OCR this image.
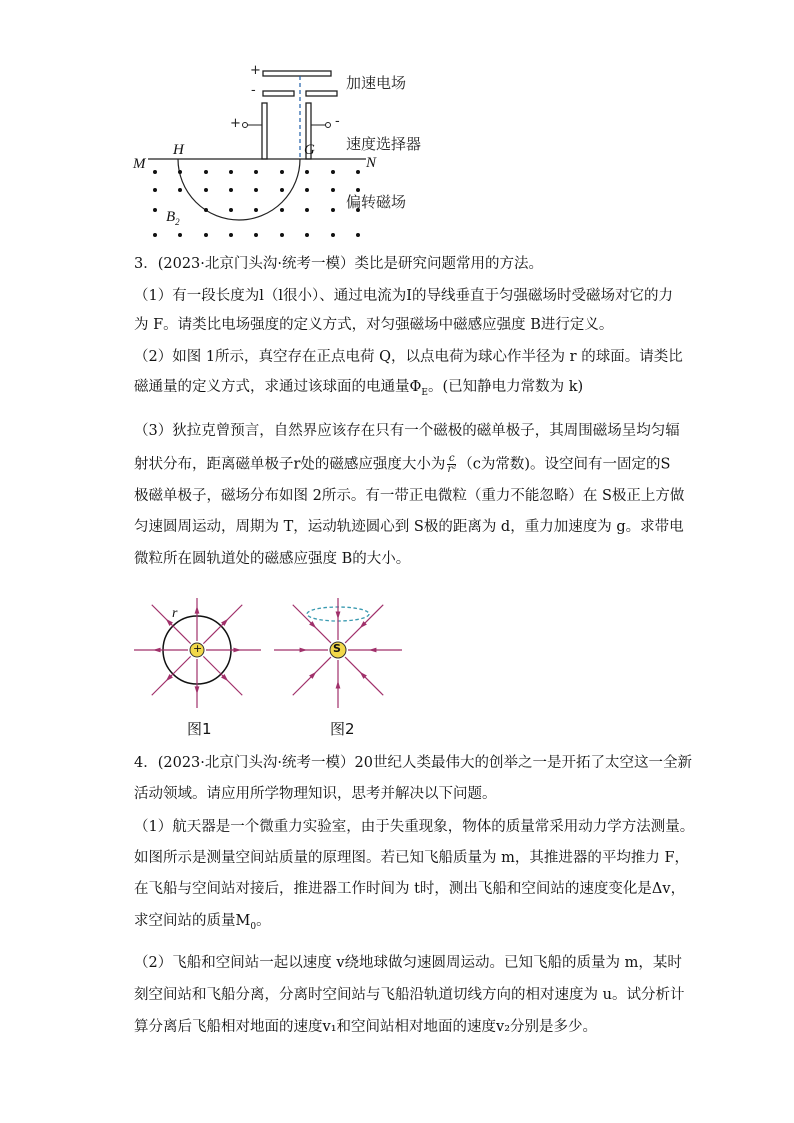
+
-
+	-
加速电场
速度选择器
偏转磁场
M
H	G
N
$B_2$
3．(2023·北京门头沟·统考一模）类比是研究问题常用的方法。
（1）有一段长度为l（l很小）、通过电流为I的导线垂直于匀强磁场时受磁场对它的力
为 F。请类比电场强度的定义方式，对匀强磁场中磁感应强度 B进行定义。
（2）如图 1所示，真空存在正点电荷 Q，以点电荷为球心作半径为 r 的球面。请类比
磁通量的定义方式，求通过该球面的电通量$\Phi_E$。(已知静电力常数为 k)
（3）狄拉克曾预言，自然界应该存在只有一个磁极的磁单极子，其周围磁场呈均匀辐
射状分布，距离磁单极子r处的磁感应强度大小为 $\frac{c}{\text{r²}} (c$为常数)。设空间有一固定的S
极磁单极子，磁场分布如图 2所示。有一带正电微粒（重力不能忽略）在 S极正上方做
匀速圆周运动，周期为 T，运动轨迹圆心到 S极的距离为 d，重力加速度为 g。求带电
微粒所在圆轨道处的磁感应强度 B的大小。
r
+	S
图1	图2
4．(2023·北京门头沟·统考一模）20世纪人类最伟大的创举之一是开拓了太空这一全新
活动领域。请应用所学物理知识，思考并解决以下问题。
（1）航天器是一个微重力实验室，由于失重现象，物体的质量常采用动力学方法测量。
如图所示是测量空间站质量的原理图。若已知飞船质量为 m，其推进器的平均推力 F，
在飞船与空间站对接后，推进器工作时间为 t时，测出飞船和空间站的速度变化是Δv，
求空间站的质量$M_0$。
（2）飞船和空间站一起以速度 v绕地球做匀速圆周运动。已知飞船的质量为 m，某时
刻空间站和飞船分离，分离时空间站与飞船沿轨道切线方向的相对速度为 u。试分析计
算分离后飞船相对地面的速度v₁和空间站相对地面的速度v₂分别是多少。
